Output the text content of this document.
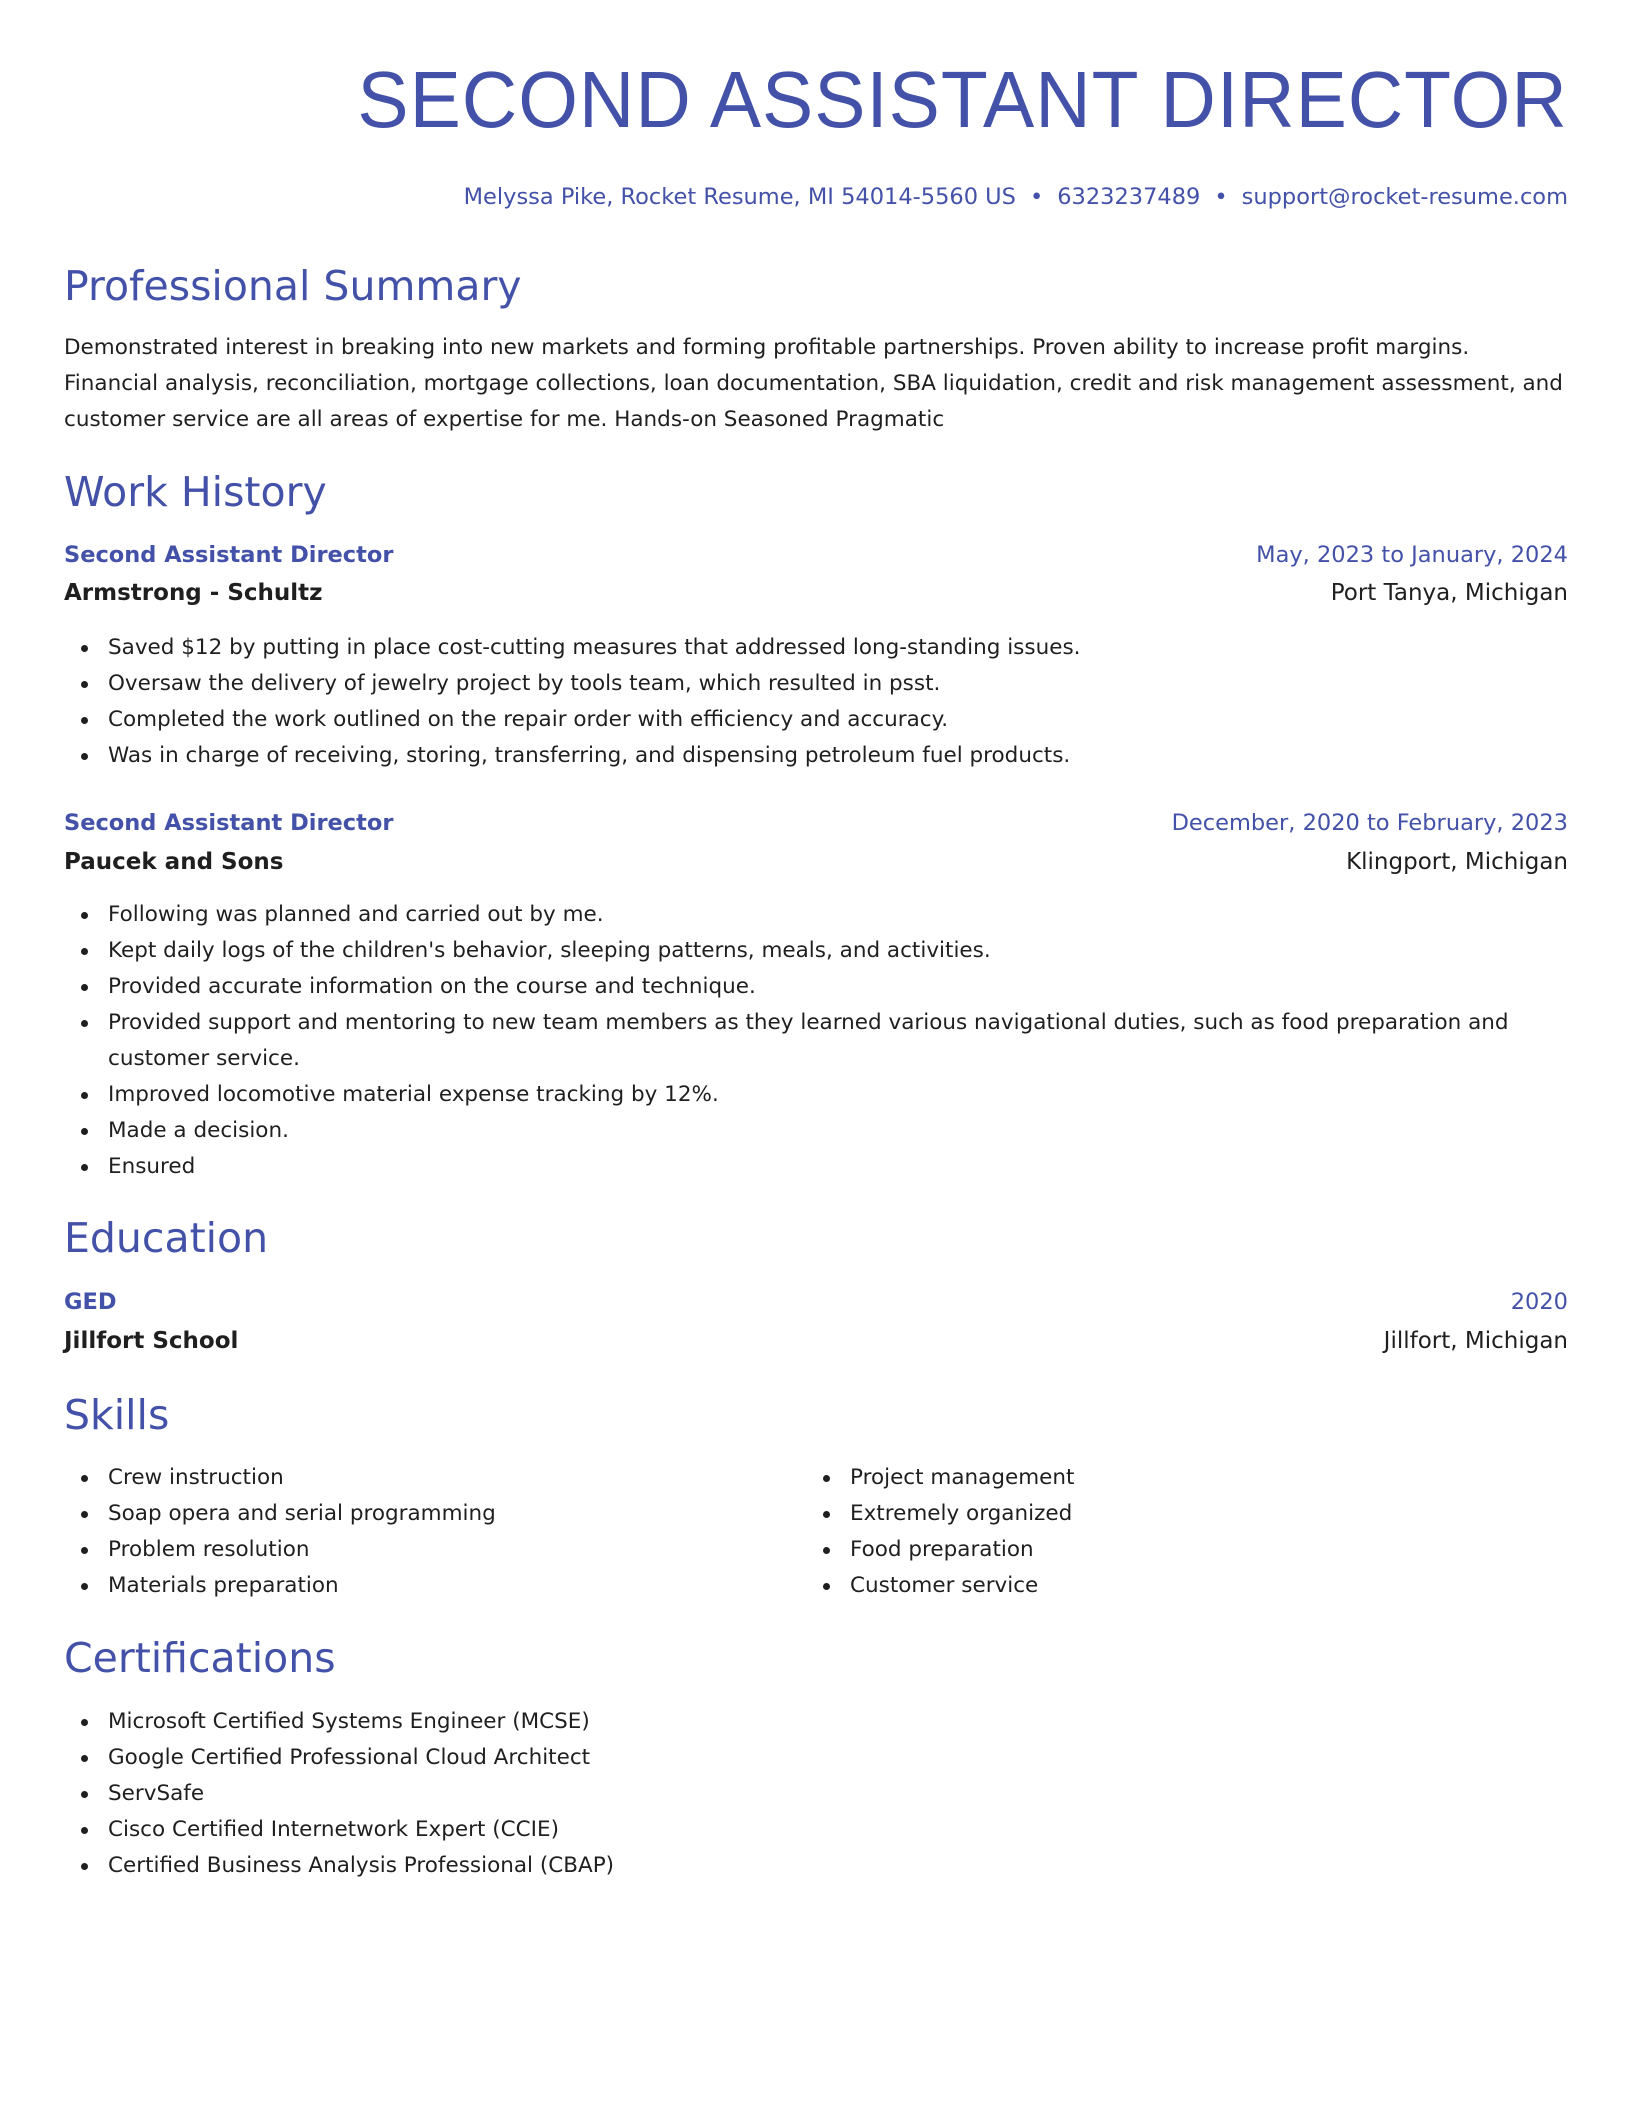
SECOND ASSISTANT DIRECTOR
Melyssa Pike, Rocket Resume, MI 54014-5560 US • 6323237489 • support@rocket-resume.com
Professional Summary
Demonstrated interest in breaking into new markets and forming profitable partnerships. Proven ability to increase profit margins. Financial analysis, reconciliation, mortgage collections, loan documentation, SBA liquidation, credit and risk management assessment, and customer service are all areas of expertise for me. Hands-on Seasoned Pragmatic
Work History
Second Assistant Director	May, 2023 to January, 2024
Armstrong - Schultz	Port Tanya, Michigan
Saved $12 by putting in place cost-cutting measures that addressed long-standing issues.
Oversaw the delivery of jewelry project by tools team, which resulted in psst.
Completed the work outlined on the repair order with efficiency and accuracy.
Was in charge of receiving, storing, transferring, and dispensing petroleum fuel products.
Second Assistant Director	December, 2020 to February, 2023
Paucek and Sons	Klingport, Michigan
Following was planned and carried out by me.
Kept daily logs of the children's behavior, sleeping patterns, meals, and activities.
Provided accurate information on the course and technique.
Provided support and mentoring to new team members as they learned various navigational duties, such as food preparation and customer service.
Improved locomotive material expense tracking by 12%.
Made a decision.
Ensured
Education
GED	2020
Jillfort School	Jillfort, Michigan
Skills
Crew instruction
Soap opera and serial programming
Problem resolution
Materials preparation
Project management
Extremely organized
Food preparation
Customer service
Certifications
Microsoft Certified Systems Engineer (MCSE)
Google Certified Professional Cloud Architect
ServSafe
Cisco Certified Internetwork Expert (CCIE)
Certified Business Analysis Professional (CBAP)
